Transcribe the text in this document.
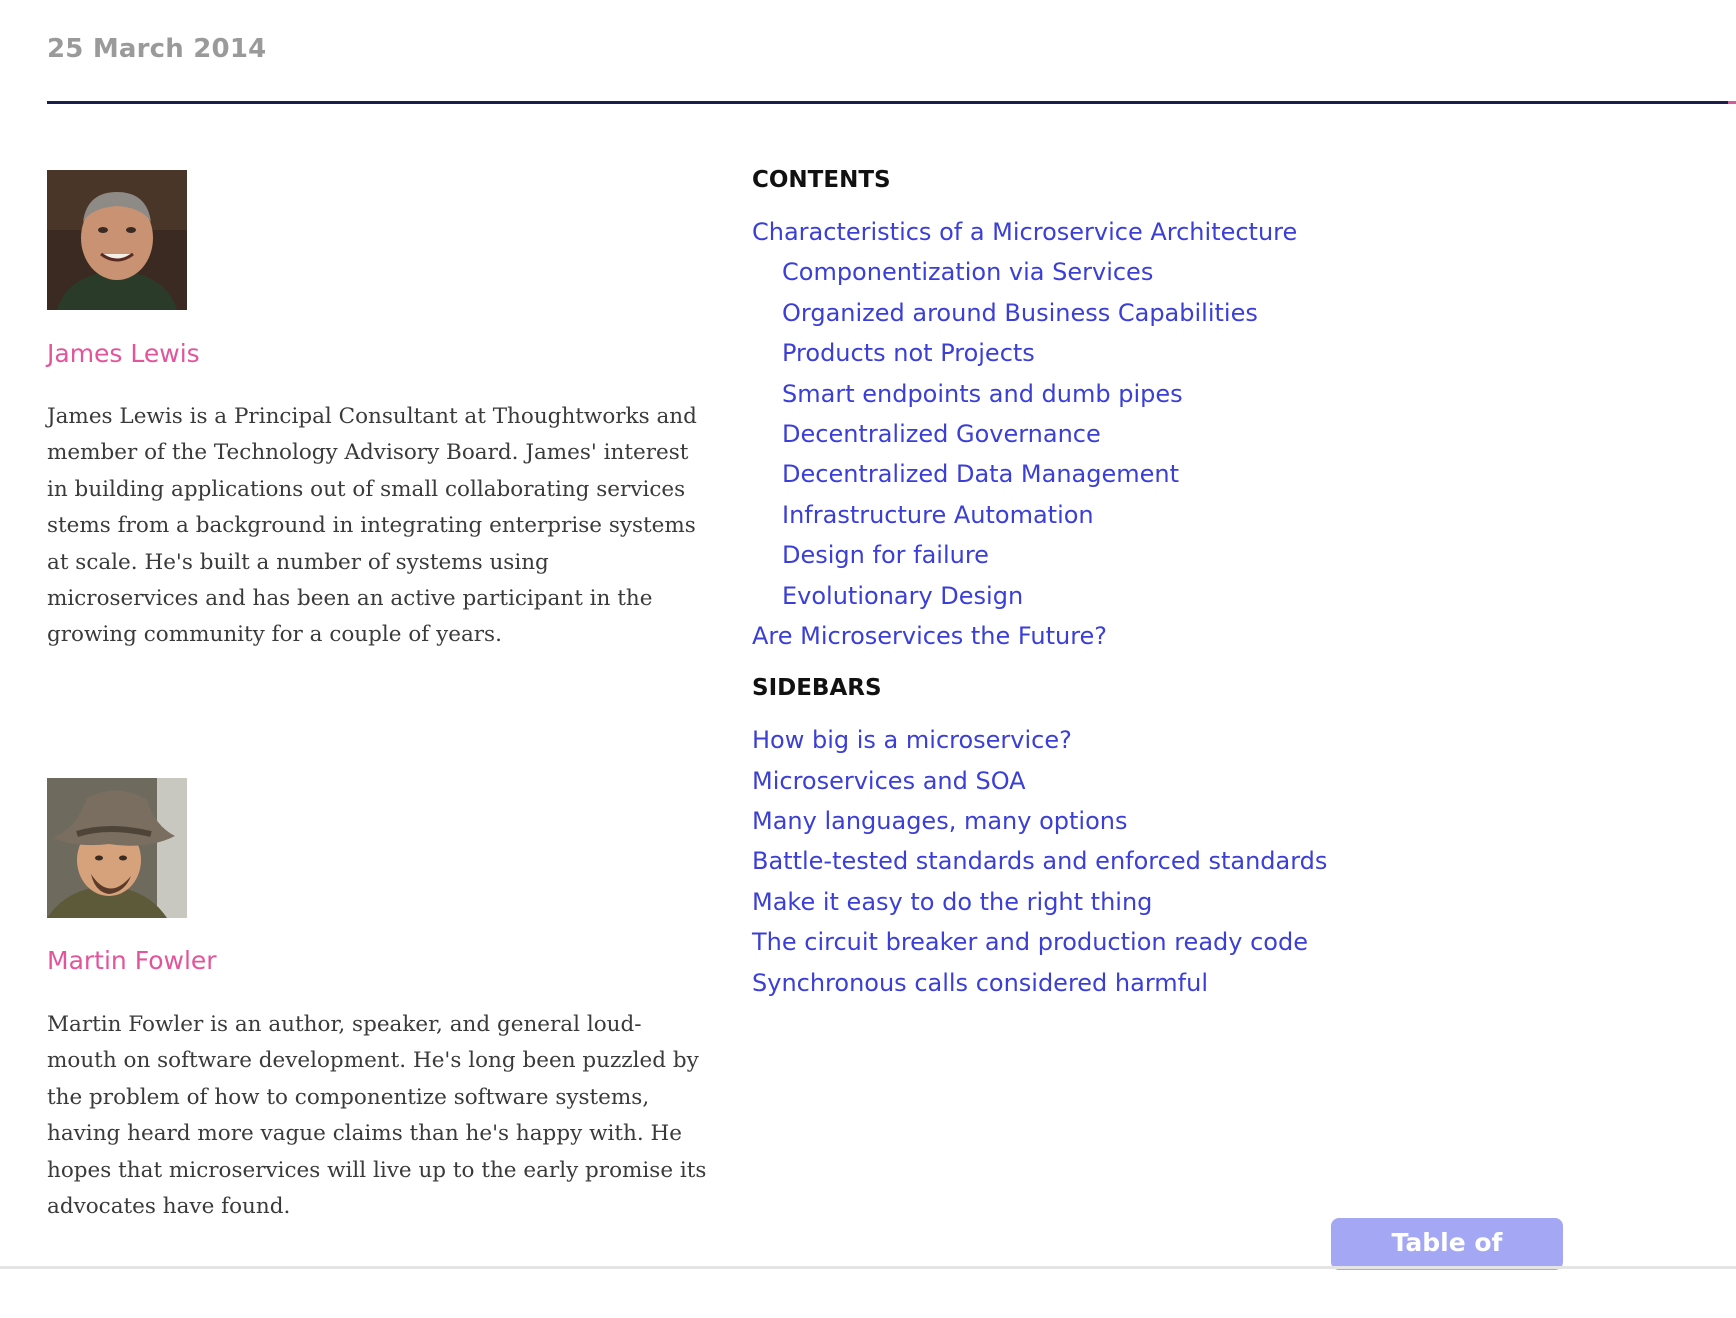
25 March 2014
James Lewis
James Lewis is a Principal Consultant at Thoughtworks and member of the Technology Advisory Board. James' interest in building applications out of small collaborating services stems from a background in integrating enterprise systems at scale. He's built a number of systems using microservices and has been an active participant in the growing community for a couple of years.
Martin Fowler
Martin Fowler is an author, speaker, and general loud-mouth on software development. He's long been puzzled by the problem of how to componentize software systems, having heard more vague claims than he's happy with. He hopes that microservices will live up to the early promise its advocates have found.
CONTENTS
Characteristics of a Microservice Architecture
Componentization via Services
Organized around Business Capabilities
Products not Projects
Smart endpoints and dumb pipes
Decentralized Governance
Decentralized Data Management
Infrastructure Automation
Design for failure
Evolutionary Design
Are Microservices the Future?
SIDEBARS
How big is a microservice?
Microservices and SOA
Many languages, many options
Battle-tested standards and enforced standards
Make it easy to do the right thing
The circuit breaker and production ready code
Synchronous calls considered harmful
Table of Contents
